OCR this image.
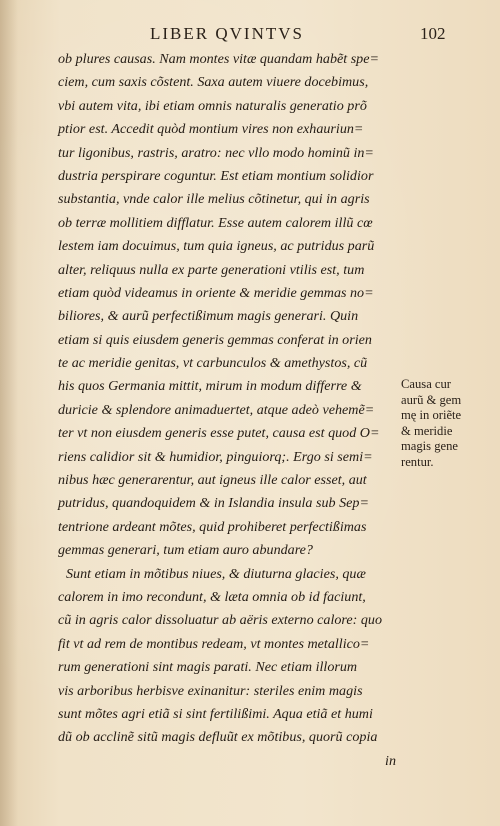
LIBER QVINTVS	102
ob plures causas. Nam montes vitæ quandam habẽt spe=
ciem, cum saxis cõstent. Saxa autem viuere docebimus,
vbi autem vita, ibi etiam omnis naturalis generatio prõ
ptior est. Accedit quòd montium vires non exhauriun=
tur ligonibus, rastris, aratro: nec vllo modo hominũ in=
dustria perspirare coguntur. Est etiam montium solidior
substantia, vnde calor ille melius cõtinetur, qui in agris
ob terræ mollitiem difflatur. Esse autem calorem illũ cœ
lestem iam docuimus, tum quia igneus, ac putridus parũ
alter, reliquus nulla ex parte generationi vtilis est, tum
etiam quòd videamus in oriente & meridie gemmas no=
biliores, & aurũ perfectißimum magis generari. Quin
etiam si quis eiusdem generis gemmas conferat in orien
te ac meridie genitas, vt carbunculos & amethystos, cũ
his quos Germania mittit, mirum in modum differre &
duricie & splendore animaduertet, atque adeò vehemẽ=
ter vt non eiusdem generis esse putet, causa est quod O=
riens calidior sit & humidior, pinguiorq;. Ergo si semi=
nibus hæc generarentur, aut igneus ille calor esset, aut
putridus, quandoquidem & in Islandia insula sub Sep=
tentrione ardeant mõtes, quid prohiberet perfectißimas
gemmas generari, tum etiam auro abundare?
Sunt etiam in mõtibus niues, & diuturna glacies, quæ
calorem in imo recondunt, & læta omnia ob id faciunt,
cũ in agris calor dissoluatur ab aëris externo calore: quo
fit vt ad rem de montibus redeam, vt montes metallico=
rum generationi sint magis parati. Nec etiam illorum
vis arboribus herbisve exinanitur: steriles enim magis
sunt mõtes agri etiã si sint fertilißimi. Aqua etiã et humi
dũ ob acclinẽ sitũ magis defluũt ex mõtibus, quorũ copia
in
Causa cur
aurũ & gem
mę in oriẽte
& meridie
magis gene
rentur.
